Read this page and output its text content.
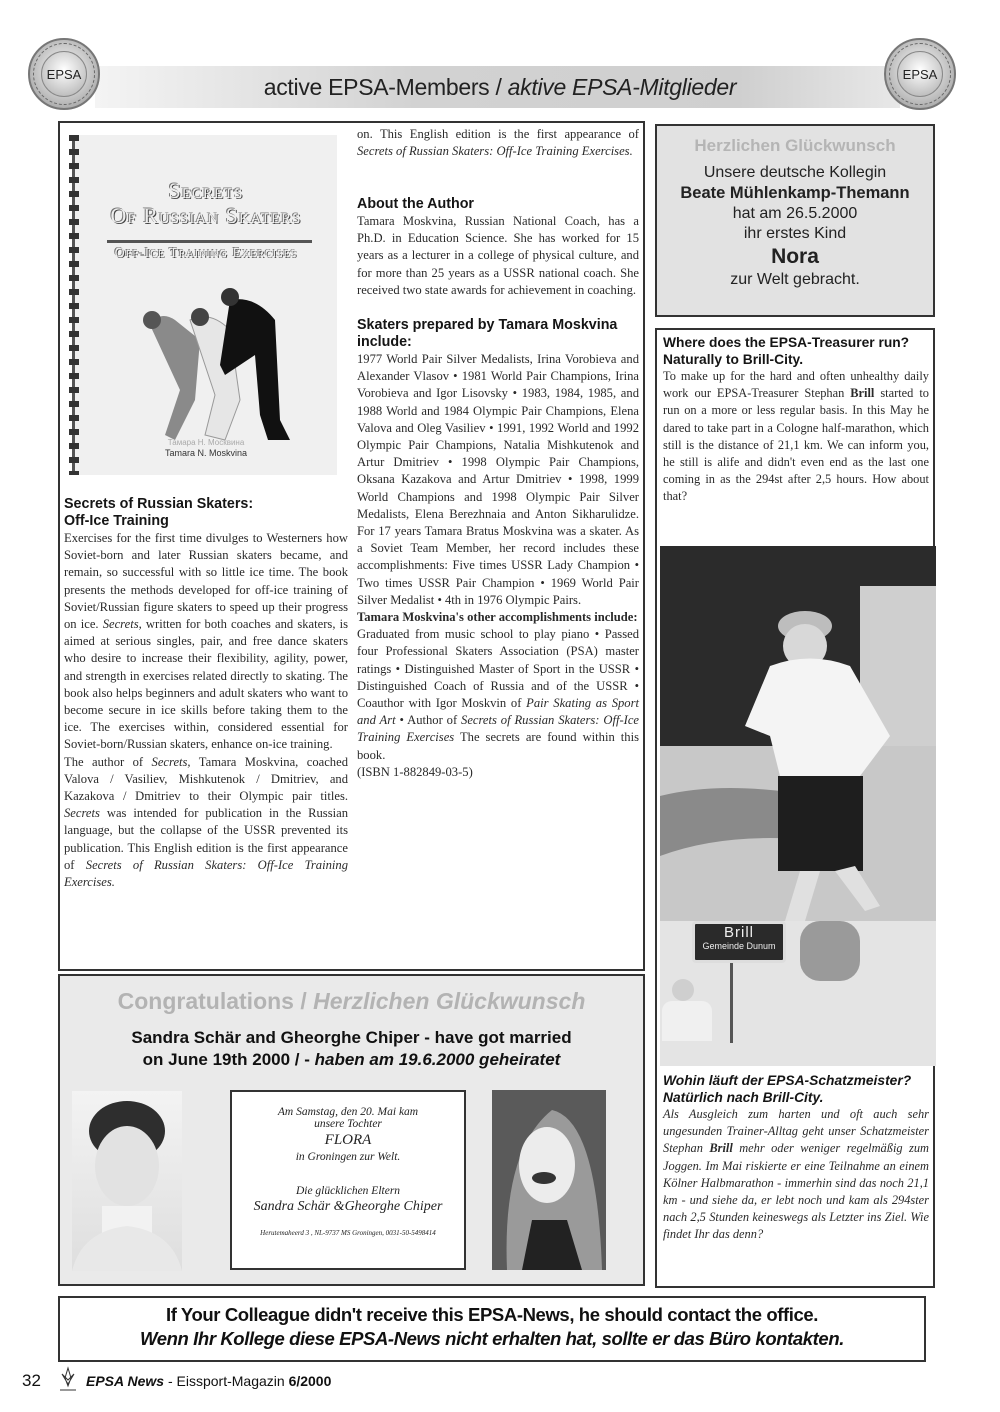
EPSA	EPSA
active EPSA-Members / aktive EPSA-Mitglieder
Secrets
Of Russian Skaters
Off-Ice Training Exercises
Тамара Н. Москвина
Tamara N. Moskvina
Secrets of Russian Skaters:
Off-Ice Training
Exercises for the first time divulges to Westerners how Soviet-born and later Russian skaters became, and remain, so successful with so little ice time. The book presents the methods developed for off-ice training of Soviet/Russian figure skaters to speed up their progress on ice. Secrets, written for both coaches and skaters, is aimed at serious singles, pair, and free dance skaters who desire to increase their flexibility, agility, power, and strength in exercises related directly to skating. The book also helps beginners and adult skaters who want to become secure in ice skills before taking them to the ice. The exercises within, considered essential for Soviet-born/Russian skaters, enhance on-ice training.
The author of Secrets, Tamara Moskvina, coached Valova / Vasiliev, Mishkutenok / Dmitriev, and Kazakova / Dmitriev to their Olympic pair titles. Secrets was intended for publication in the Russian language, but the collapse of the USSR prevented its publication. This English edition is the first appearance of Secrets of Russian Skaters: Off-Ice Training Exercises.
on. This English edition is the first appearance of Secrets of Russian Skaters: Off-Ice Training Exercises.
About the Author
Tamara Moskvina, Russian National Coach, has a Ph.D. in Education Science. She has worked for 15 years as a lecturer in a college of physical culture, and for more than 25 years as a USSR national coach. She received two state awards for achievement in coaching.
Skaters prepared by Tamara Moskvina include:
1977 World Pair Silver Medalists, Irina Vorobieva and Alexander Vlasov • 1981 World Pair Champions, Irina Vorobieva and Igor Lisovsky • 1983, 1984, 1985, and 1988 World and 1984 Olympic Pair Champions, Elena Valova and Oleg Vasiliev • 1991, 1992 World and 1992 Olympic Pair Champions, Natalia Mishkutenok and Artur Dmitriev • 1998 Olympic Pair Champions, Oksana Kazakova and Artur Dmitriev • 1998, 1999 World Champions and 1998 Olympic Pair Silver Medalists, Elena Berezhnaia and Anton Sikharulidze. For 17 years Tamara Bratus Moskvina was a skater. As a Soviet Team Member, her record includes these accomplishments: Five times USSR Lady Champion • Two times USSR Pair Champion • 1969 World Pair Silver Medalist • 4th in 1976 Olympic Pairs.
Tamara Moskvina's other accomplishments include:
Graduated from music school to play piano • Passed four Professional Skaters Association (PSA) master ratings • Distinguished Master of Sport in the USSR • Distinguished Coach of Russia and of the USSR • Coauthor with Igor Moskvin of Pair Skating as Sport and Art • Author of Secrets of Russian Skaters: Off-Ice Training Exercises The secrets are found within this book.
(ISBN 1-882849-03-5)
Herzlichen Glückwunsch
Unsere deutsche Kollegin
Beate Mühlenkamp-Themann
hat am 26.5.2000
ihr erstes Kind
Nora
zur Welt gebracht.
Where does the EPSA-Treasurer run? Naturally to Brill-City.
To make up for the hard and often unhealthy daily work our EPSA-Treasurer Stephan Brill started to run on a more or less regular basis. In this May he dared to take part in a Cologne half-marathon, which still is the distance of 21,1 km. We can inform you, he still is alife and didn't even end as the last one coming in as the 294st after 2,5 hours. How about that?
Brill
Gemeinde Dunum
Wohin läuft der EPSA-Schatzmeister? Natürlich nach Brill-City.
Als Ausgleich zum harten und oft auch sehr ungesunden Trainer-Alltag geht unser Schatzmeister Stephan Brill mehr oder weniger regelmäßig zum Joggen. Im Mai riskierte er eine Teilnahme an einem Kölner Halbmarathon - immerhin sind das noch 21,1 km - und siehe da, er lebt noch und kam als 294ster nach 2,5 Stunden keineswegs als Letzter ins Ziel. Wie findet Ihr das denn?
Congratulations / Herzlichen Glückwunsch
Sandra Schär and Gheorghe Chiper - have got married
on June 19th 2000 / - haben am 19.6.2000 geheiratet
Am Samstag, den 20. Mai kam
unsere Tochter
FLORA
in Groningen zur Welt.
Die glücklichen Eltern
Sandra Schär &Gheorghe Chiper
Herutemaheerd 3 , NL-9737 MS Groningen, 0031-50-5498414
If Your Colleague didn't receive this EPSA-News, he should contact the office.
Wenn Ihr Kollege diese EPSA-News nicht erhalten hat, sollte er das Büro kontakten.
32	EPSA News - Eissport-Magazin 6/2000
